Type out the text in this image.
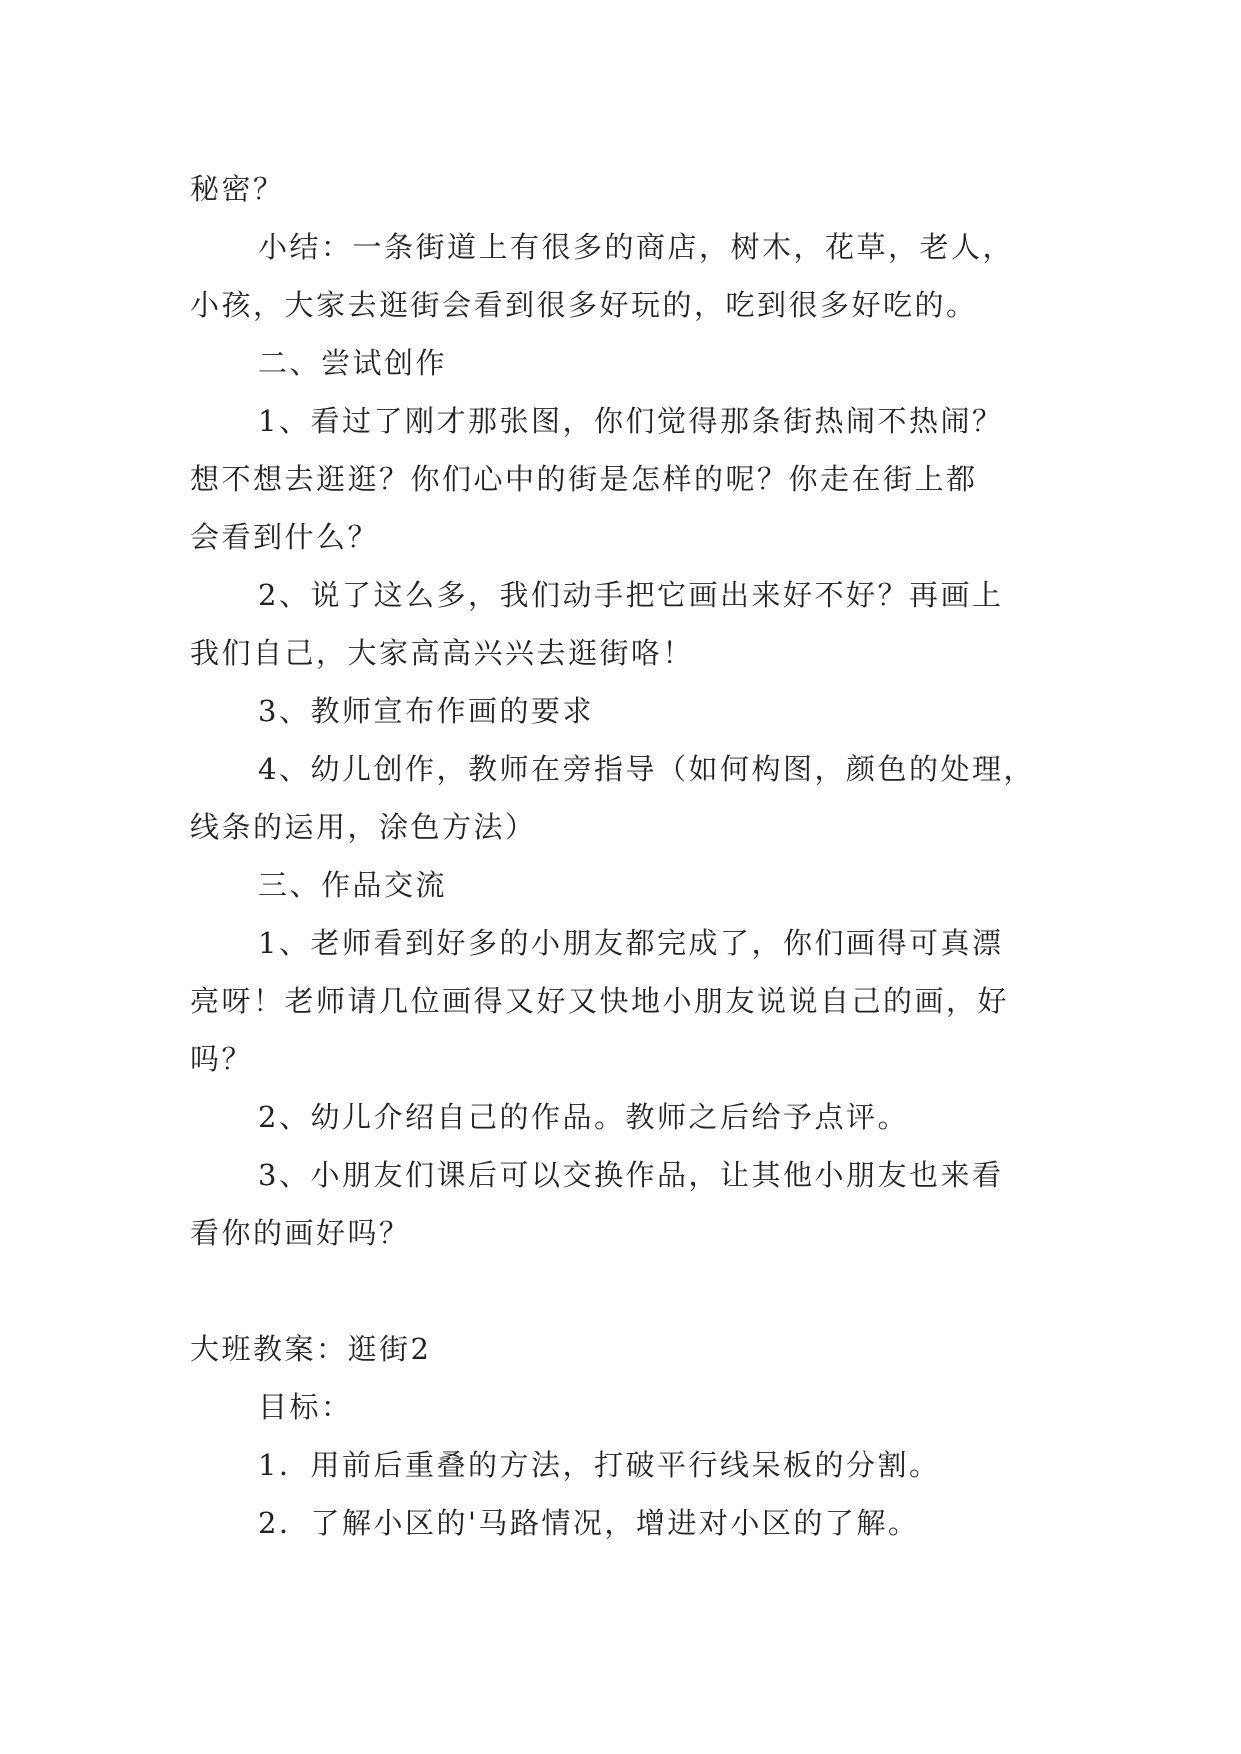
秘密？
小结：一条街道上有很多的商店，树木，花草，老人，
小孩，大家去逛街会看到很多好玩的，吃到很多好吃的。
二、尝试创作
1、看过了刚才那张图，你们觉得那条街热闹不热闹？
想不想去逛逛？你们心中的街是怎样的呢？你走在街上都
会看到什么？
2、说了这么多，我们动手把它画出来好不好？再画上
我们自己，大家高高兴兴去逛街咯！
3、教师宣布作画的要求
4、幼儿创作，教师在旁指导（如何构图，颜色的处理，
线条的运用，涂色方法）
三、作品交流
1、老师看到好多的小朋友都完成了，你们画得可真漂
亮呀！老师请几位画得又好又快地小朋友说说自己的画，好
吗？
2、幼儿介绍自己的作品。教师之后给予点评。
3、小朋友们课后可以交换作品，让其他小朋友也来看
看你的画好吗？
大班教案：逛街2
目标：
1．用前后重叠的方法，打破平行线呆板的分割。
2．了解小区的'马路情况，增进对小区的了解。
